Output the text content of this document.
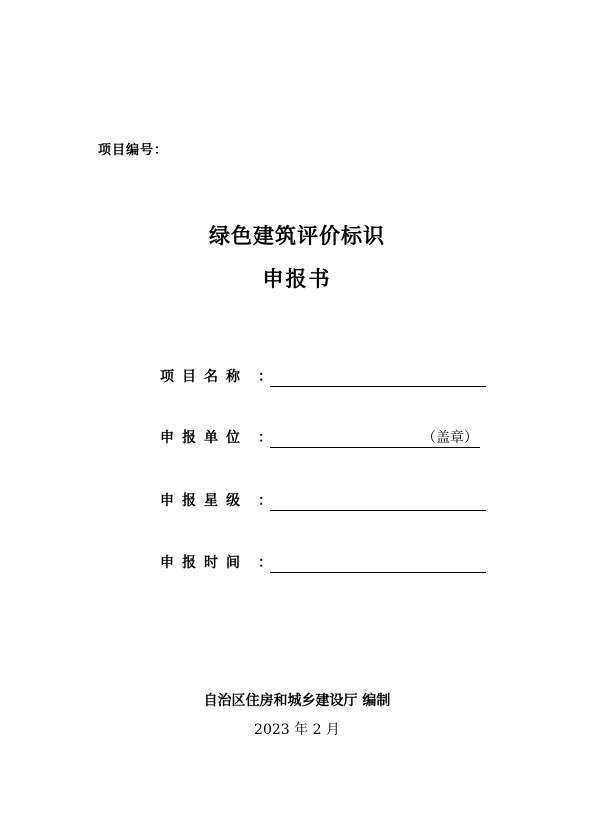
项目编号：
绿色建筑评价标识
申报书
项目名称 ：
申报单位 ：	（盖章）
申报星级 ：
申报时间 ：
自治区住房和城乡建设厅 编制
2023 年 2 月
